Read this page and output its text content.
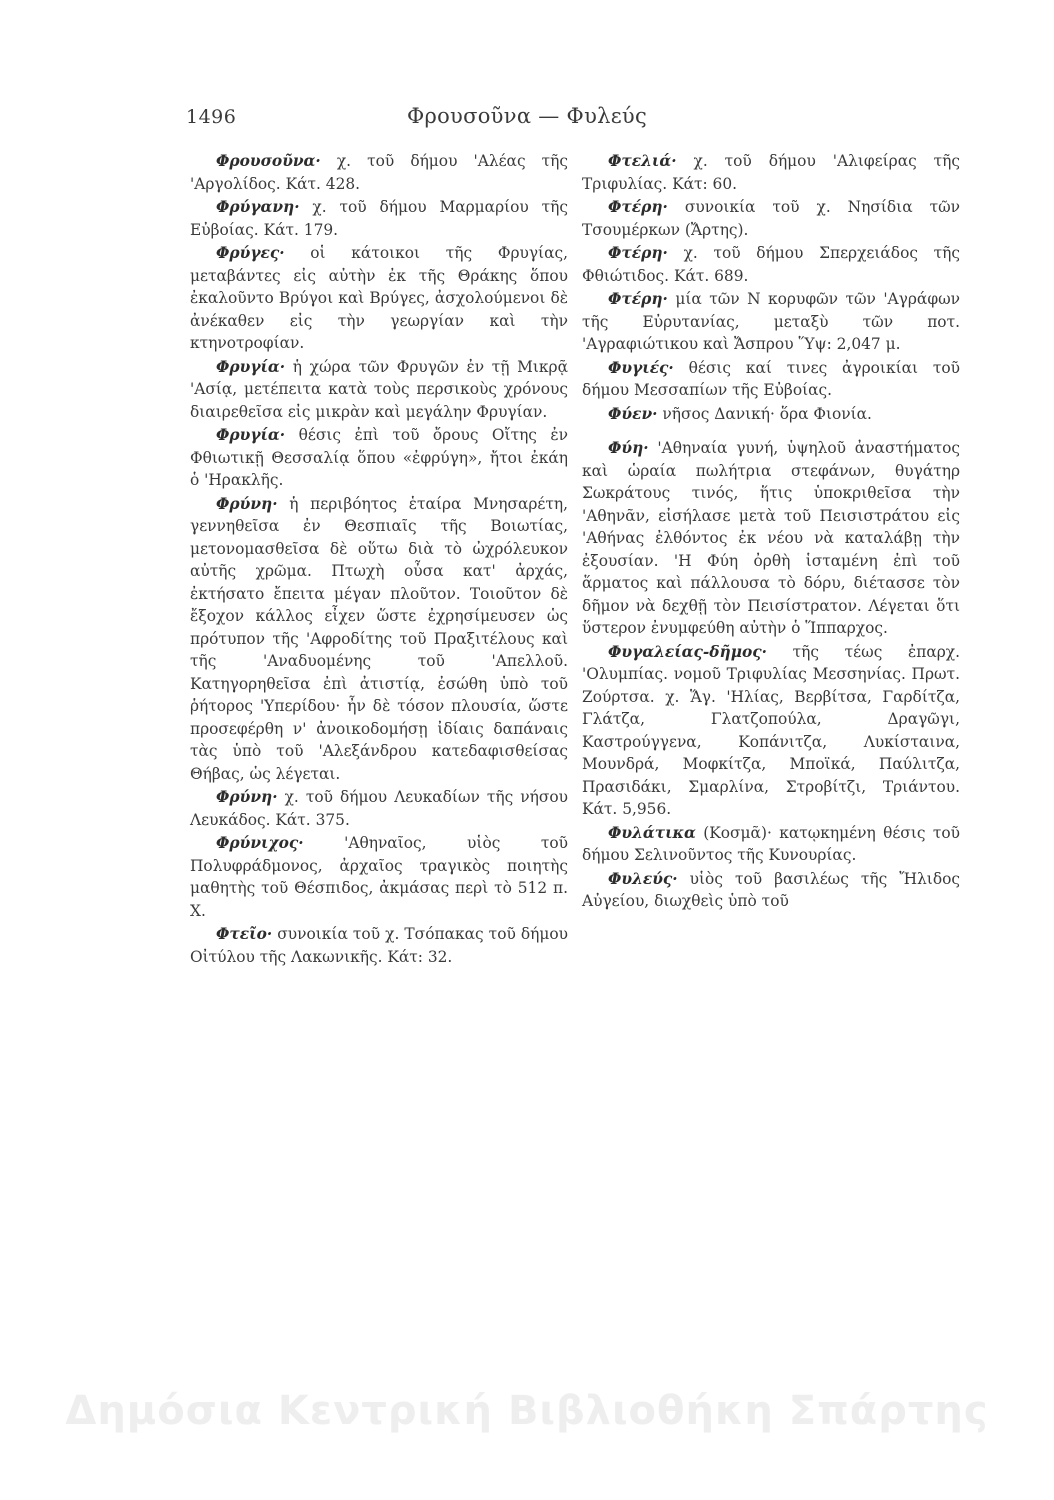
1496	Φρουσοῦνα — Φυλεύς

Φρουσοῦνα· χ. τοῦ δήμου 'Αλέας τῆς 'Αργολίδος. Κάτ. 428.

Φρύγανη· χ. τοῦ δήμου Μαρμαρίου τῆς Εὐβοίας. Κάτ. 179.

Φρύγες· οἱ κάτοικοι τῆς Φρυγίας, μεταβάντες εἰς αὐτὴν ἐκ τῆς Θράκης ὅπου ἐκαλοῦντο Βρύγοι καὶ Βρύγες, ἀσχολούμενοι δὲ ἀνέκαθεν εἰς τὴν γεωργίαν καὶ τὴν κτηνοτροφίαν.

Φρυγία· ἡ χώρα τῶν Φρυγῶν ἐν τῇ Μικρᾷ 'Ασίᾳ, μετέπειτα κατὰ τοὺς περσικοὺς χρόνους διαιρεθεῖσα εἰς μικρὰν καὶ μεγάλην Φρυγίαν.

Φρυγία· θέσις ἐπὶ τοῦ ὄρους Οἴτης ἐν Φθιωτικῇ Θεσσαλίᾳ ὅπου «ἐφρύγη», ἤτοι ἐκάη ὁ 'Ηρακλῆς.

Φρύνη· ἡ περιβόητος ἑταίρα Μνησαρέτη, γεννηθεῖσα ἐν Θεσπιαῖς τῆς Βοιωτίας, μετονομασθεῖσα δὲ οὕτω διὰ τὸ ὠχρόλευκον αὐτῆς χρῶμα. Πτωχὴ οὖσα κατ' ἀρχάς, ἐκτήσατο ἔπειτα μέγαν πλοῦτον. Τοιοῦτον δὲ ἔξοχον κάλλος εἶχεν ὥστε ἐχρησίμευσεν ὡς πρότυπον τῆς 'Αφροδίτης τοῦ Πραξιτέλους καὶ τῆς 'Αναδυομένης τοῦ 'Απελλοῦ. Κατηγορηθεῖσα ἐπὶ ἀτιστίᾳ, ἐσώθη ὑπὸ τοῦ ῥήτορος 'Υπερίδου· ἦν δὲ τόσον πλουσία, ὥστε προσεφέρθη ν' ἀνοικοδομήσῃ ἰδίαις δαπάναις τὰς ὑπὸ τοῦ 'Αλεξάνδρου κατεδαφισθείσας Θήβας, ὡς λέγεται.

Φρύνη· χ. τοῦ δήμου Λευκαδίων τῆς νήσου Λευκάδος. Κάτ. 375.

Φρύνιχος· 'Αθηναῖος, υἱὸς τοῦ Πολυφράδμονος, ἀρχαῖος τραγικὸς ποιητὴς μαθητὴς τοῦ Θέσπιδος, ἀκμάσας περὶ τὸ 512 π. Χ.

Φτεῖο· συνοικία τοῦ χ. Τσόπακας τοῦ δήμου Οἰτύλου τῆς Λακωνικῆς. Κάτ: 32.

Φτελιά· χ. τοῦ δήμου 'Αλιφείρας τῆς Τριφυλίας. Κάτ: 60.

Φτέρη· συνοικία τοῦ χ. Νησίδια τῶν Τσουμέρκων (Ἄρτης).

Φτέρη· χ. τοῦ δήμου Σπερχειάδος τῆς Φθιώτιδος. Κάτ. 689.

Φτέρη· μία τῶν Ν κορυφῶν τῶν 'Αγράφων τῆς Εὐρυτανίας, μεταξὺ τῶν ποτ. 'Αγραφιώτικου καὶ Ἄσπρου Ὕψ: 2,047 μ.

Φυγιές· θέσις καί τινες ἀγροικίαι τοῦ δήμου Μεσσαπίων τῆς Εὐβοίας.

Φύεν· νῆσος Δανική· ὅρα Φιονία.

Φύη· 'Αθηναία γυνή, ὑψηλοῦ ἀναστήματος καὶ ὡραία πωλήτρια στεφάνων, θυγάτηρ Σωκράτους τινός, ἥτις ὑποκριθεῖσα τὴν 'Αθηνᾶν, εἰσήλασε μετὰ τοῦ Πεισιστράτου εἰς 'Αθήνας ἐλθόντος ἐκ νέου νὰ καταλάβῃ τὴν ἐξουσίαν. 'Η Φύη ὀρθὴ ἱσταμένη ἐπὶ τοῦ ἅρματος καὶ πάλλουσα τὸ δόρυ, διέτασσε τὸν δῆμον νὰ δεχθῇ τὸν Πεισίστρατον. Λέγεται ὅτι ὕστερον ἐνυμφεύθη αὐτὴν ὁ Ἵππαρχος.

Φυγαλείας-δῆμος· τῆς τέως ἐπαρχ. 'Ολυμπίας. νομοῦ Τριφυλίας Μεσσηνίας. Πρωτ. Ζούρτσα. χ. Ἅγ. 'Ηλίας, Βερβίτσα, Γαρδίτζα, Γλάτζα, Γλατζοπούλα, Δραγῶγι, Καστρούγγενα, Κοπάνιτζα, Λυκίσταινα, Μουνδρά, Μοφκίτζα, Μποϊκά, Παύλιτζα, Πρασιδάκι, Σμαρλίνα, Στροβίτζι, Τριάντου. Κάτ. 5,956.

Φυλάτικα (Κοσμᾶ)· κατῳκημένη θέσις τοῦ δήμου Σελινοῦντος τῆς Κυνουρίας.

Φυλεύς· υἱὸς τοῦ βασιλέως τῆς Ἤλιδος Αὐγείου, διωχθεὶς ὑπὸ τοῦ

Δημόσια Κεντρική Βιβλιοθήκη Σπάρτης
